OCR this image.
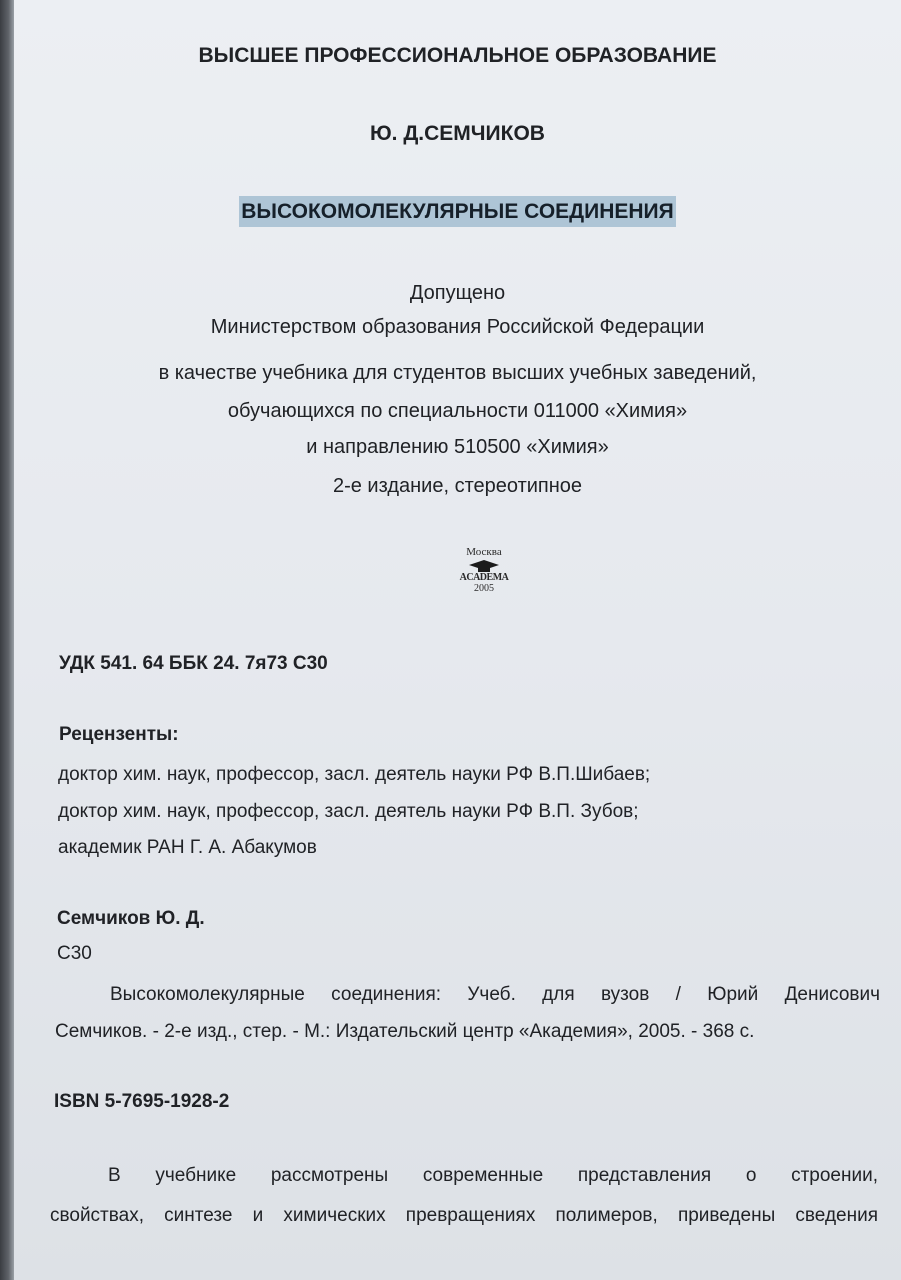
ВЫСШЕЕ ПРОФЕССИОНАЛЬНОЕ ОБРАЗОВАНИЕ
Ю. Д.СЕМЧИКОВ
ВЫСОКОМОЛЕКУЛЯРНЫЕ СОЕДИНЕНИЯ
Допущено
Министерством образования Российской Федерации
в качестве учебника для студентов высших учебных заведений,
обучающихся по специальности 011000 «Химия»
и направлению 510500 «Химия»
2-е издание, стереотипное
Москва
ACADEMA
2005
УДК 541. 64 ББК 24. 7я73 С30
Рецензенты:
доктор хим. наук, профессор, засл. деятель науки РФ В.П.Шибаев;
доктор хим. наук, профессор, засл. деятель науки РФ В.П. Зубов;
академик РАН Г. А. Абакумов
Семчиков Ю. Д.
С30
Высокомолекулярные соединения: Учеб. для вузов / Юрий Денисович
Семчиков. - 2-е изд., стер. - М.: Издательский центр «Академия», 2005. - 368 с.
ISBN 5-7695-1928-2
В учебнике рассмотрены современные представления о строении,
свойствах, синтезе и химических превращениях полимеров, приведены сведения
